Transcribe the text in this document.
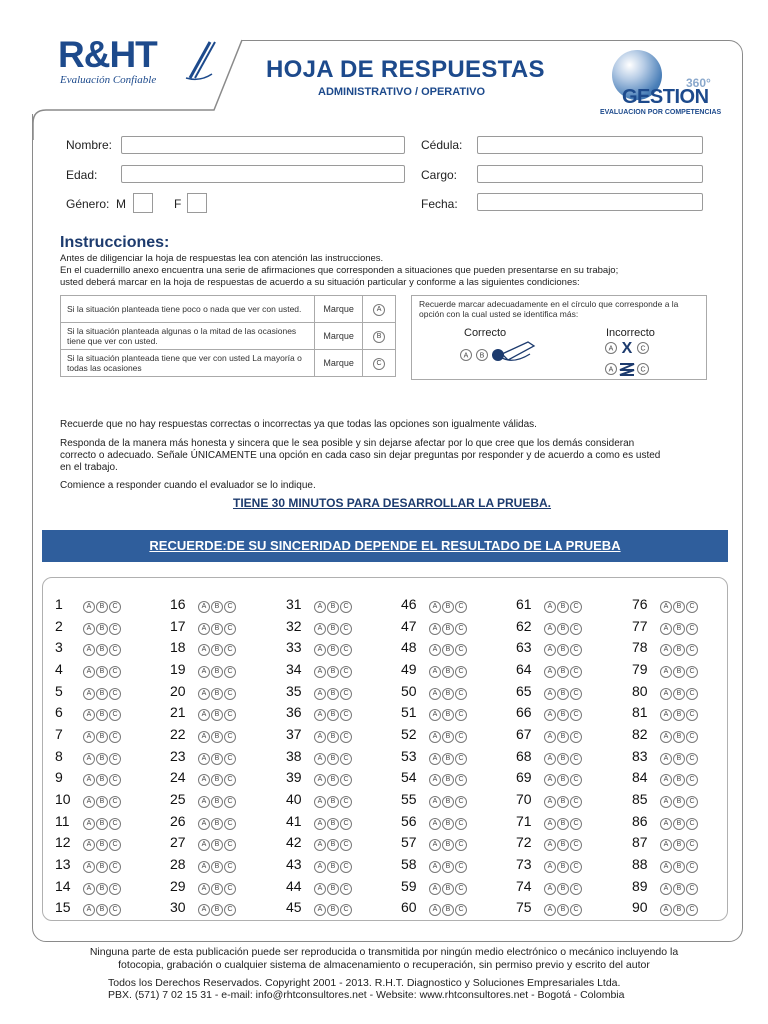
R&HT
Evaluación Confiable	HOJA DE RESPUESTAS
ADMINISTRATIVO / OPERATIVO
360°
GESTION
EVALUACION POR COMPETENCIAS
Nombre:
Edad:
Género: M	F
Cédula:
Cargo:
Fecha:
Instrucciones:
Antes de diligenciar la hoja de respuestas lea con atención las instrucciones.
En el cuadernillo anexo encuentra una serie de afirmaciones que corresponden a situaciones que pueden presentarse en su trabajo;
usted deberá marcar en la hoja de respuestas de acuerdo a su situación particular y conforme a las siguientes condiciones:
Si la situación planteada tiene poco o nada que ver con usted.	Marque	A
Si la situación planteada algunas o la mitad de las ocasiones tiene que ver con usted.	Marque	B
Si la situación planteada tiene que ver con usted La mayoría o todas las ocasiones	Marque	C
Recuerde marcar adecuadamente en el círculo que corresponde a la opción con la cual usted se identifica más:
Correcto	Incorrecto
A B
A X C
A	C
Recuerde que no hay respuestas correctas o incorrectas ya que todas las opciones son igualmente válidas.
Responda de la manera más honesta y sincera que le sea posible y sin dejarse afectar por lo que cree que los demás consideran
correcto o adecuado. Señale ÚNICAMENTE una opción en cada caso sin dejar preguntas por responder y de acuerdo a como es usted
en el trabajo.
Comience a responder cuando el evaluador se lo indique.
TIENE 30 MINUTOS PARA DESARROLLAR LA PRUEBA.
RECUERDE:DE SU SINCERIDAD DEPENDE EL RESULTADO DE LA PRUEBA
1	A B C
2	A B C
3	A B C
4	A B C
5	A B C
6	A B C
7	A B C
8	A B C
9	A B C
10	A B C
11	A B C
12	A B C
13	A B C
14	A B C
15	A B C
16	A B C
17	A B C
18	A B C
19	A B C
20	A B C
21	A B C
22	A B C
23	A B C
24	A B C
25	A B C
26	A B C
27	A B C
28	A B C
29	A B C
30	A B C
31	A B C
32	A B C
33	A B C
34	A B C
35	A B C
36	A B C
37	A B C
38	A B C
39	A B C
40	A B C
41	A B C
42	A B C
43	A B C
44	A B C
45	A B C
46	A B C
47	A B C
48	A B C
49	A B C
50	A B C
51	A B C
52	A B C
53	A B C
54	A B C
55	A B C
56	A B C
57	A B C
58	A B C
59	A B C
60	A B C
61	A B C
62	A B C
63	A B C
64	A B C
65	A B C
66	A B C
67	A B C
68	A B C
69	A B C
70	A B C
71	A B C
72	A B C
73	A B C
74	A B C
75	A B C
76	A B C
77	A B C
78	A B C
79	A B C
80	A B C
81	A B C
82	A B C
83	A B C
84	A B C
85	A B C
86	A B C
87	A B C
88	A B C
89	A B C
90	A B C
Ninguna parte de esta publicación puede ser reproducida o transmitida por ningún medio electrónico o mecánico incluyendo la
fotocopia, grabación o cualquier sistema de almacenamiento o recuperación, sin permiso previo y escrito del autor
Todos los Derechos Reservados. Copyright 2001 - 2013. R.H.T. Diagnostico y Soluciones Empresariales Ltda.
PBX. (571) 7 02 15 31 - e-mail: info@rhtconsultores.net - Website: www.rhtconsultores.net - Bogotá - Colombia
